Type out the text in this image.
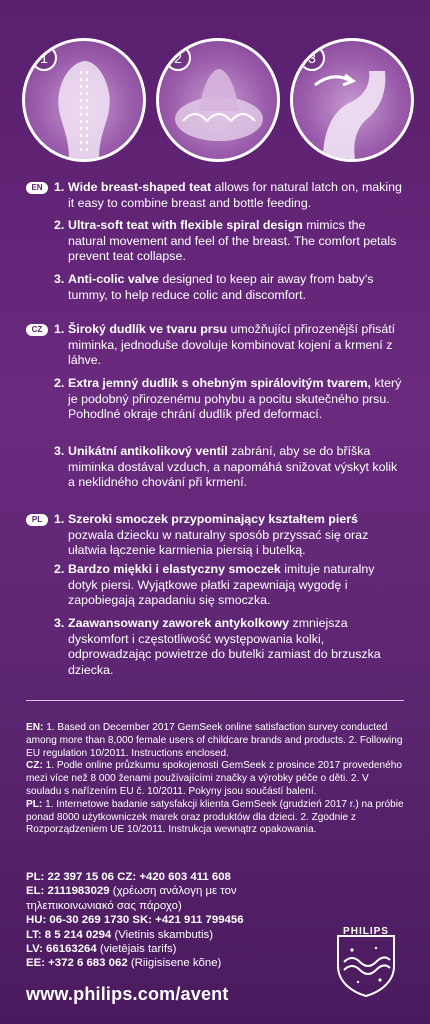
1	2	3
EN 1. Wide breast-shaped teat allows for natural latch on, making it easy to combine breast and bottle feeding.
2. Ultra-soft teat with flexible spiral design mimics the natural movement and feel of the breast. The comfort petals prevent teat collapse.
3. Anti-colic valve designed to keep air away from baby's tummy, to help reduce colic and discomfort.
CZ 1. Široký dudlík ve tvaru prsu umožňující přirozenější přisátí miminka, jednoduše dovoluje kombinovat kojení a krmení z láhve.
2. Extra jemný dudlík s ohebným spirálovitým tvarem, který je podobný přirozenému pohybu a pocitu skutečného prsu. Pohodlné okraje chrání dudlík před deformací.
3. Unikátní antikolikový ventil zabrání, aby se do bříška miminka dostával vzduch, a napomáhá snižovat výskyt kolik a neklidného chování při krmení.
PL 1. Szeroki smoczek przypominający kształtem pierś pozwala dziecku w naturalny sposób przyssać się oraz ułatwia łączenie karmienia piersią i butelką.
2. Bardzo miękki i elastyczny smoczek imituje naturalny dotyk piersi. Wyjątkowe płatki zapewniają wygodę i zapobiegają zapadaniu się smoczka.
3. Zaawansowany zaworek antykolkowy zmniejsza dyskomfort i częstotliwość występowania kolki, odprowadzając powietrze do butelki zamiast do brzuszka dziecka.
EN: 1. Based on December 2017 GemSeek online satisfaction survey conducted among more than 8,000 female users of childcare brands and products. 2. Following EU regulation 10/2011. Instructions enclosed.
CZ: 1. Podle online průzkumu spokojenosti GemSeek z prosince 2017 provedeného mezi více než 8 000 ženami používajícími značky a výrobky péče o děti. 2. V souladu s nařízením EU č. 10/2011. Pokyny jsou součástí balení.
PL: 1. Internetowe badanie satysfakcji klienta GemSeek (grudzień 2017 r.) na próbie ponad 8000 użytkowniczek marek oraz produktów dla dzieci. 2. Zgodnie z Rozporządzeniem UE 10/2011. Instrukcja wewnątrz opakowania.
PL: 22 397 15 06 CZ: +420 603 411 608
EL: 2111983029 (χρέωση ανάλογη με τον τηλεπικοινωνιακό σας πάροχο)
HU: 06-30 269 1730 SK: +421 911 799456
LT: 8 5 214 0294 (Vietinis skambutis)
LV: 66163264 (vietējais tarifs)
EE: +372 6 683 062 (Riigisisene kõne)
PHILIPS
www.philips.com/avent
